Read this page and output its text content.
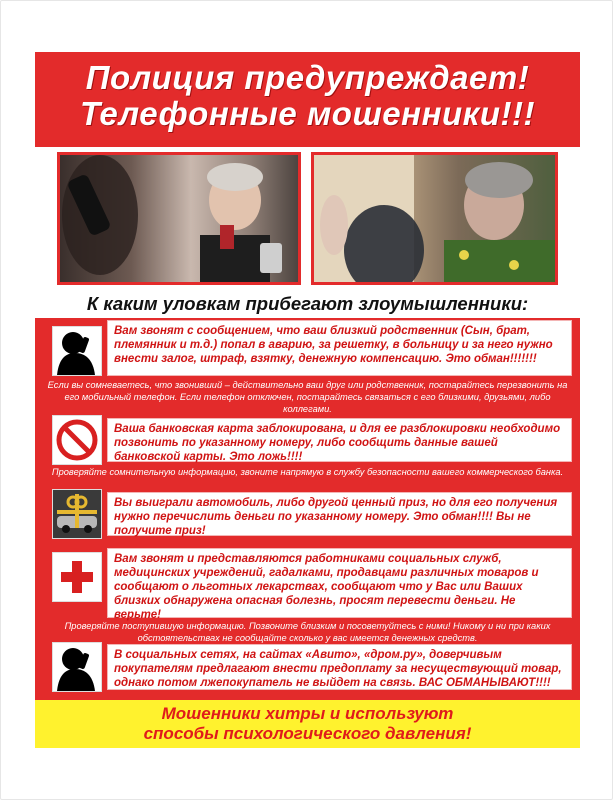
Полиция предупреждает!
Телефонные мошенники!!!
К каким уловкам прибегают злоумышленники:
Вам звонят с сообщением, что ваш близкий родственник (Сын, брат, племянник и т.д.) попал в аварию, за решетку, в больницу и за него нужно внести залог, штраф, взятку, денежную компенсацию. Это обман!!!!!!!
Если вы сомневаетесь, что звонивший – действительно ваш друг или родственник, постарайтесь перезвонить на его мобильный телефон. Если телефон отключен, постарайтесь связаться с его близкими, друзьями, либо коллегами.
Ваша банковская карта заблокирована, и для ее разблокировки необходимо позвонить по указанному номеру, либо сообщить данные вашей банковской карты. Это ложь!!!!
Проверяйте сомнительную информацию, звоните напрямую в службу безопасности вашего коммерческого банка.
Вы выиграли автомобиль, либо другой ценный приз, но для его получения нужно перечислить деньги по указанному номеру. Это обман!!!! Вы не получите приз!
Вам звонят и представляются работниками социальных служб, медицинских учреждений, гадалками, продавцами различных товаров и сообщают о льготных лекарствах, сообщают что у Вас или Ваших близких обнаружена опасная болезнь, просят перевести деньги. Не верьте!
Проверяйте поступившую информацию. Позвоните близким и посоветуйтесь с ними! Никому и ни при каких обстоятельствах не сообщайте сколько у вас имеется денежных средств.
В социальных сетях, на сайтах «Авито», «дром.ру», доверчивым покупателям предлагают внести предоплату за несуществующий товар, однако потом лжепокупатель не выйдет на связь. ВАС ОБМАНЫВАЮТ!!!!
Мошенники хитры и используют
способы психологического давления!
